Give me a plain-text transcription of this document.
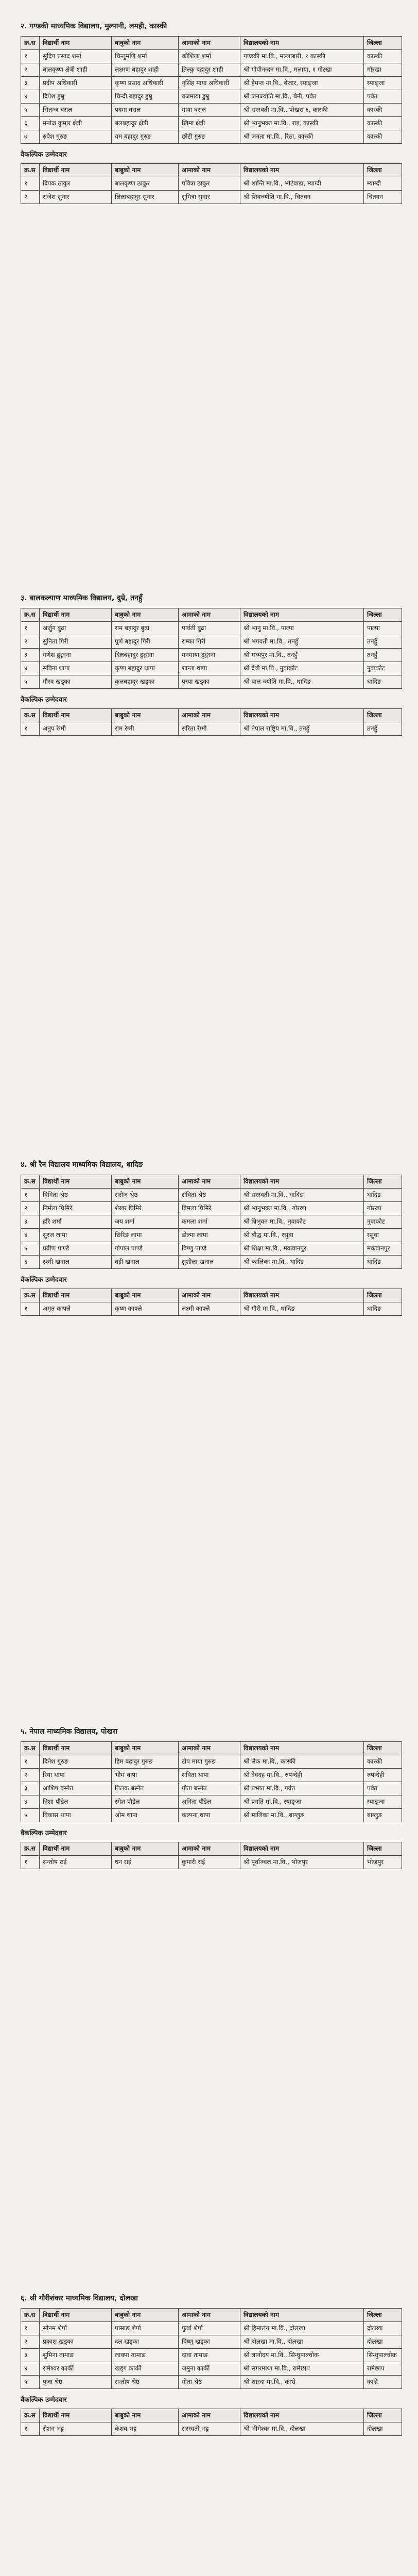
२. गण्डकी माध्यमिक विद्यालय, मुल्पानी, लमही, कास्की
क्र.स	विद्यार्थी नाम	बाबुको नाम	आमाको नाम	विद्यालयको नाम	जिल्ला
१	सुदिप प्रसाद शर्मा	चिन्तुमणि शर्मा	कौशिला शर्मा	गण्डकी मा.वि., मल्लाबारी, १ कास्की	कास्की
२	बालकृष्ण क्षेत्री शाही	लक्ष्मण बहादुर शाही	तिल्कु बहादुर शाही	श्री गोपीनन्दन मा.वि., मलाया, १ गोरखा	गोरखा
३	प्रदीप अधिकारी	कृष्ण प्रसाद अधिकारी	नृसिंह माया अधिकारी	श्री हेमन्त मा.वि., बेजार, स्याङ्जा	स्याङ्जा
४	दिपेश डुम्रु	चिन्दी बहादुर डुम्रु	वजमाया डुम्रु	श्री जनज्योति मा.वि., बेनी, पर्वत	पर्वत
५	सितन्ज बराल	पदमा बराल	माया बराल	श्री सरस्वती मा.वि., पोखरा ६, कास्की	कास्की
६	मनोज कुमार क्षेत्री	बलबहादुर क्षेत्री	खिमा क्षेत्री	श्री भानुभक्त मा.वि., राइ, कास्की	कास्की
७	रुपेश गुरुङ	यम बहादुर गुरुङ	छोटी गुरुङ	श्री जनता मा.वि., रिठा, कास्की	कास्की
वैकल्पिक उम्मेदवार
क्र.स	विद्यार्थी नाम	बाबुको नाम	आमाको नाम	विद्यालयको नाम	जिल्ला
१	दिपक ठाकुर	बालकृष्ण ठाकुर	पवित्रा ठाकुर	श्री शान्ति मा.वि., भोटेवाडा, म्याग्दी	म्याग्दी
२	राजेश सुनार	लिलाबहादुर सुनार	सुमित्रा सुनार	श्री शिवज्योति मा.वि., चितवन	चितवन
३. बालकल्याण माध्यमिक विद्यालय, दुम्रे, तनहुँ
क्र.स	विद्यार्थी नाम	बाबुको नाम	आमाको नाम	विद्यालयको नाम	जिल्ला
१	अर्जुन बुढा	राम बहादुर बुढा	पार्वती बुढा	श्री भानु मा.वि., पाल्पा	पाल्पा
२	सुनिता गिरी	पूर्ण बहादुर गिरी	राम्का गिरी	श्री भगवती मा.वि., तनहुँ	तनहुँ
३	गणेश ढुङ्गाना	दिलबहादुर ढुङ्गाना	मनमाया ढुङ्गाना	श्री मध्यपुर मा.वि., तनहुँ	तनहुँ
४	सविना थापा	कृष्ण बहादुर थापा	शान्ता थापा	श्री देवी मा.वि., नुवाकोट	नुवाकोट
५	गौरव खड्का	कुलबहादुर खड्का	पुस्पा खड्का	श्री बाल ज्योति मा.वि., धादिङ	धादिङ
वैकल्पिक उम्मेदवार
क्र.स	विद्यार्थी नाम	बाबुको नाम	आमाको नाम	विद्यालयको नाम	जिल्ला
१	अनुप रेग्मी	राम रेग्मी	सरिता रेग्मी	श्री नेपाल राष्ट्रिय मा.वि., तनहुँ	तनहुँ
४. श्री रैन विद्यालय माध्यमिक विद्यालय, धादिङ
क्र.स	विद्यार्थी नाम	बाबुको नाम	आमाको नाम	विद्यालयको नाम	जिल्ला
१	विनिता श्रेष्ठ	सरोज श्रेष्ठ	सविता श्रेष्ठ	श्री सरस्वती मा.वि., धादिङ	धादिङ
२	निर्मला घिमिरे	शेखर घिमिरे	विमला घिमिरे	श्री भानुभक्त मा.वि., गोरखा	गोरखा
३	हरि शर्मा	जय शर्मा	कमला शर्मा	श्री त्रिभुवन मा.वि., नुवाकोट	नुवाकोट
४	सुरज लामा	छिरिङ लामा	डोल्मा लामा	श्री बौद्ध मा.वि., रसुवा	रसुवा
५	प्रवीण पाण्डे	गोपाल पाण्डे	विष्णु पाण्डे	श्री शिक्षा मा.वि., मकवानपुर	मकवानपुर
६	रश्मी खनाल	बद्री खनाल	सुशीला खनाल	श्री कालिका मा.वि., धादिङ	धादिङ
वैकल्पिक उम्मेदवार
क्र.स	विद्यार्थी नाम	बाबुको नाम	आमाको नाम	विद्यालयको नाम	जिल्ला
१	अमृत काफ्ले	कृष्ण काफ्ले	लक्ष्मी काफ्ले	श्री गौरी मा.वि., धादिङ	धादिङ
५. नेपाल माध्यमिक विद्यालय, पोखरा
क्र.स	विद्यार्थी नाम	बाबुको नाम	आमाको नाम	विद्यालयको नाम	जिल्ला
१	दिनेश गुरुङ	हिम बहादुर गुरुङ	टोप माया गुरुङ	श्री लेक मा.वि., कास्की	कास्की
२	रिया थापा	भीम थापा	सविता थापा	श्री देवदह मा.वि., रुपन्देही	रुपन्देही
३	आशिष बस्नेत	तिलक बस्नेत	गीता बस्नेत	श्री प्रभात मा.वि., पर्वत	पर्वत
४	निशा पौडेल	रमेश पौडेल	अनिता पौडेल	श्री प्रगति मा.वि., स्याङ्जा	स्याङ्जा
५	विकास थापा	ओम थापा	कल्पना थापा	श्री मालिका मा.वि., बाग्लुङ	बाग्लुङ
वैकल्पिक उम्मेदवार
क्र.स	विद्यार्थी नाम	बाबुको नाम	आमाको नाम	विद्यालयको नाम	जिल्ला
१	सन्तोष राई	धन राई	कुमारी राई	श्री पूर्वाञ्चल मा.वि., भोजपुर	भोजपुर
६. श्री गौरीशंकर माध्यमिक विद्यालय, दोलखा
क्र.स	विद्यार्थी नाम	बाबुको नाम	आमाको नाम	विद्यालयको नाम	जिल्ला
१	सोनम शेर्पा	पासाङ शेर्पा	फुर्वा शेर्पा	श्री हिमालय मा.वि., दोलखा	दोलखा
२	प्रकाश खड्का	दल खड्का	विष्णु खड्का	श्री दोलखा मा.वि., दोलखा	दोलखा
३	सुमिना तामाङ	लाक्पा तामाङ	दावा तामाङ	श्री ज्ञानोदय मा.वि., सिन्धुपाल्चोक	सिन्धुपाल्चोक
४	रामेश्वर कार्की	खड्ग कार्की	जमुना कार्की	श्री सगरमाथा मा.वि., रामेछाप	रामेछाप
५	पुजा श्रेष्ठ	सन्तोष श्रेष्ठ	गीता श्रेष्ठ	श्री शारदा मा.वि., काभ्रे	काभ्रे
वैकल्पिक उम्मेदवार
क्र.स	विद्यार्थी नाम	बाबुको नाम	आमाको नाम	विद्यालयको नाम	जिल्ला
१	रोशन भट्ट	केशव भट्ट	सरस्वती भट्ट	श्री भीमेश्वर मा.वि., दोलखा	दोलखा
